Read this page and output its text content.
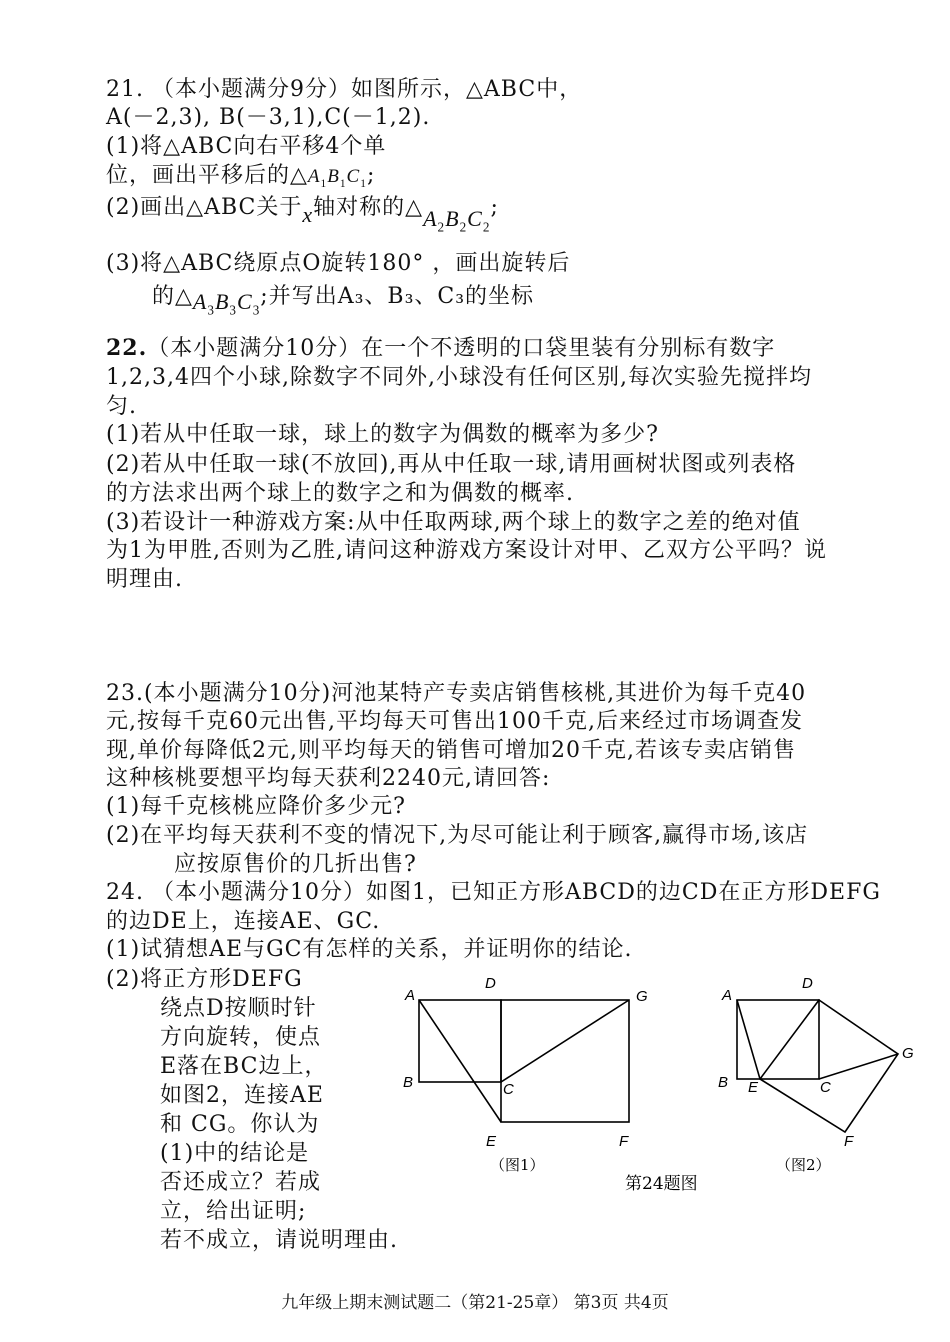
21. （本小题满分9分）如图所示，△ABC中，
A(－2,3), B(－3,1),C(－1,2).
(1)将△ABC向右平移4个单
位，画出平移后的$\triangle A_1B_1C_1$;
(2)画出△ABC关于x轴对称的$\triangle A_2B_2C_2$;
(3)将△ABC绕原点O旋转180° ，画出旋转后
的$\triangle A_3B_3C_3$;并写出A₃、B₃、C₃的坐标
22.（本小题满分10分）在一个不透明的口袋里装有分别标有数字
1,2,3,4四个小球,除数字不同外,小球没有任何区别,每次实验先搅拌均
匀.
(1)若从中任取一球，球上的数字为偶数的概率为多少?
(2)若从中任取一球(不放回),再从中任取一球,请用画树状图或列表格
的方法求出两个球上的数字之和为偶数的概率.
(3)若设计一种游戏方案:从中任取两球,两个球上的数字之差的绝对值
为1为甲胜,否则为乙胜,请问这种游戏方案设计对甲、乙双方公平吗？说
明理由.
23.(本小题满分10分)河池某特产专卖店销售核桃,其进价为每千克40
元,按每千克60元出售,平均每天可售出100千克,后来经过市场调查发
现,单价每降低2元,则平均每天的销售可增加20千克,若该专卖店销售
这种核桃要想平均每天获利2240元,请回答:
(1)每千克核桃应降价多少元?
(2)在平均每天获利不变的情况下,为尽可能让利于顾客,赢得市场,该店
应按原售价的几折出售?
24. （本小题满分10分）如图1，已知正方形ABCD的边CD在正方形DEFG
的边DE上，连接AE、GC.
(1)试猜想AE与GC有怎样的关系，并证明你的结论.
(2)将正方形DEFG
绕点D按顺时针
方向旋转，使点
E落在BC边上，
如图2，连接AE
和 CG。你认为
(1)中的结论是
否还成立？若成
立，给出证明;
若不成立，请说明理由.
A
D
G
B	C
E	F
（图1）
A
D
G
B E	C
F
（图2）
第24题图
九年级上期末测试题二（第21-25章） 第3页 共4页
